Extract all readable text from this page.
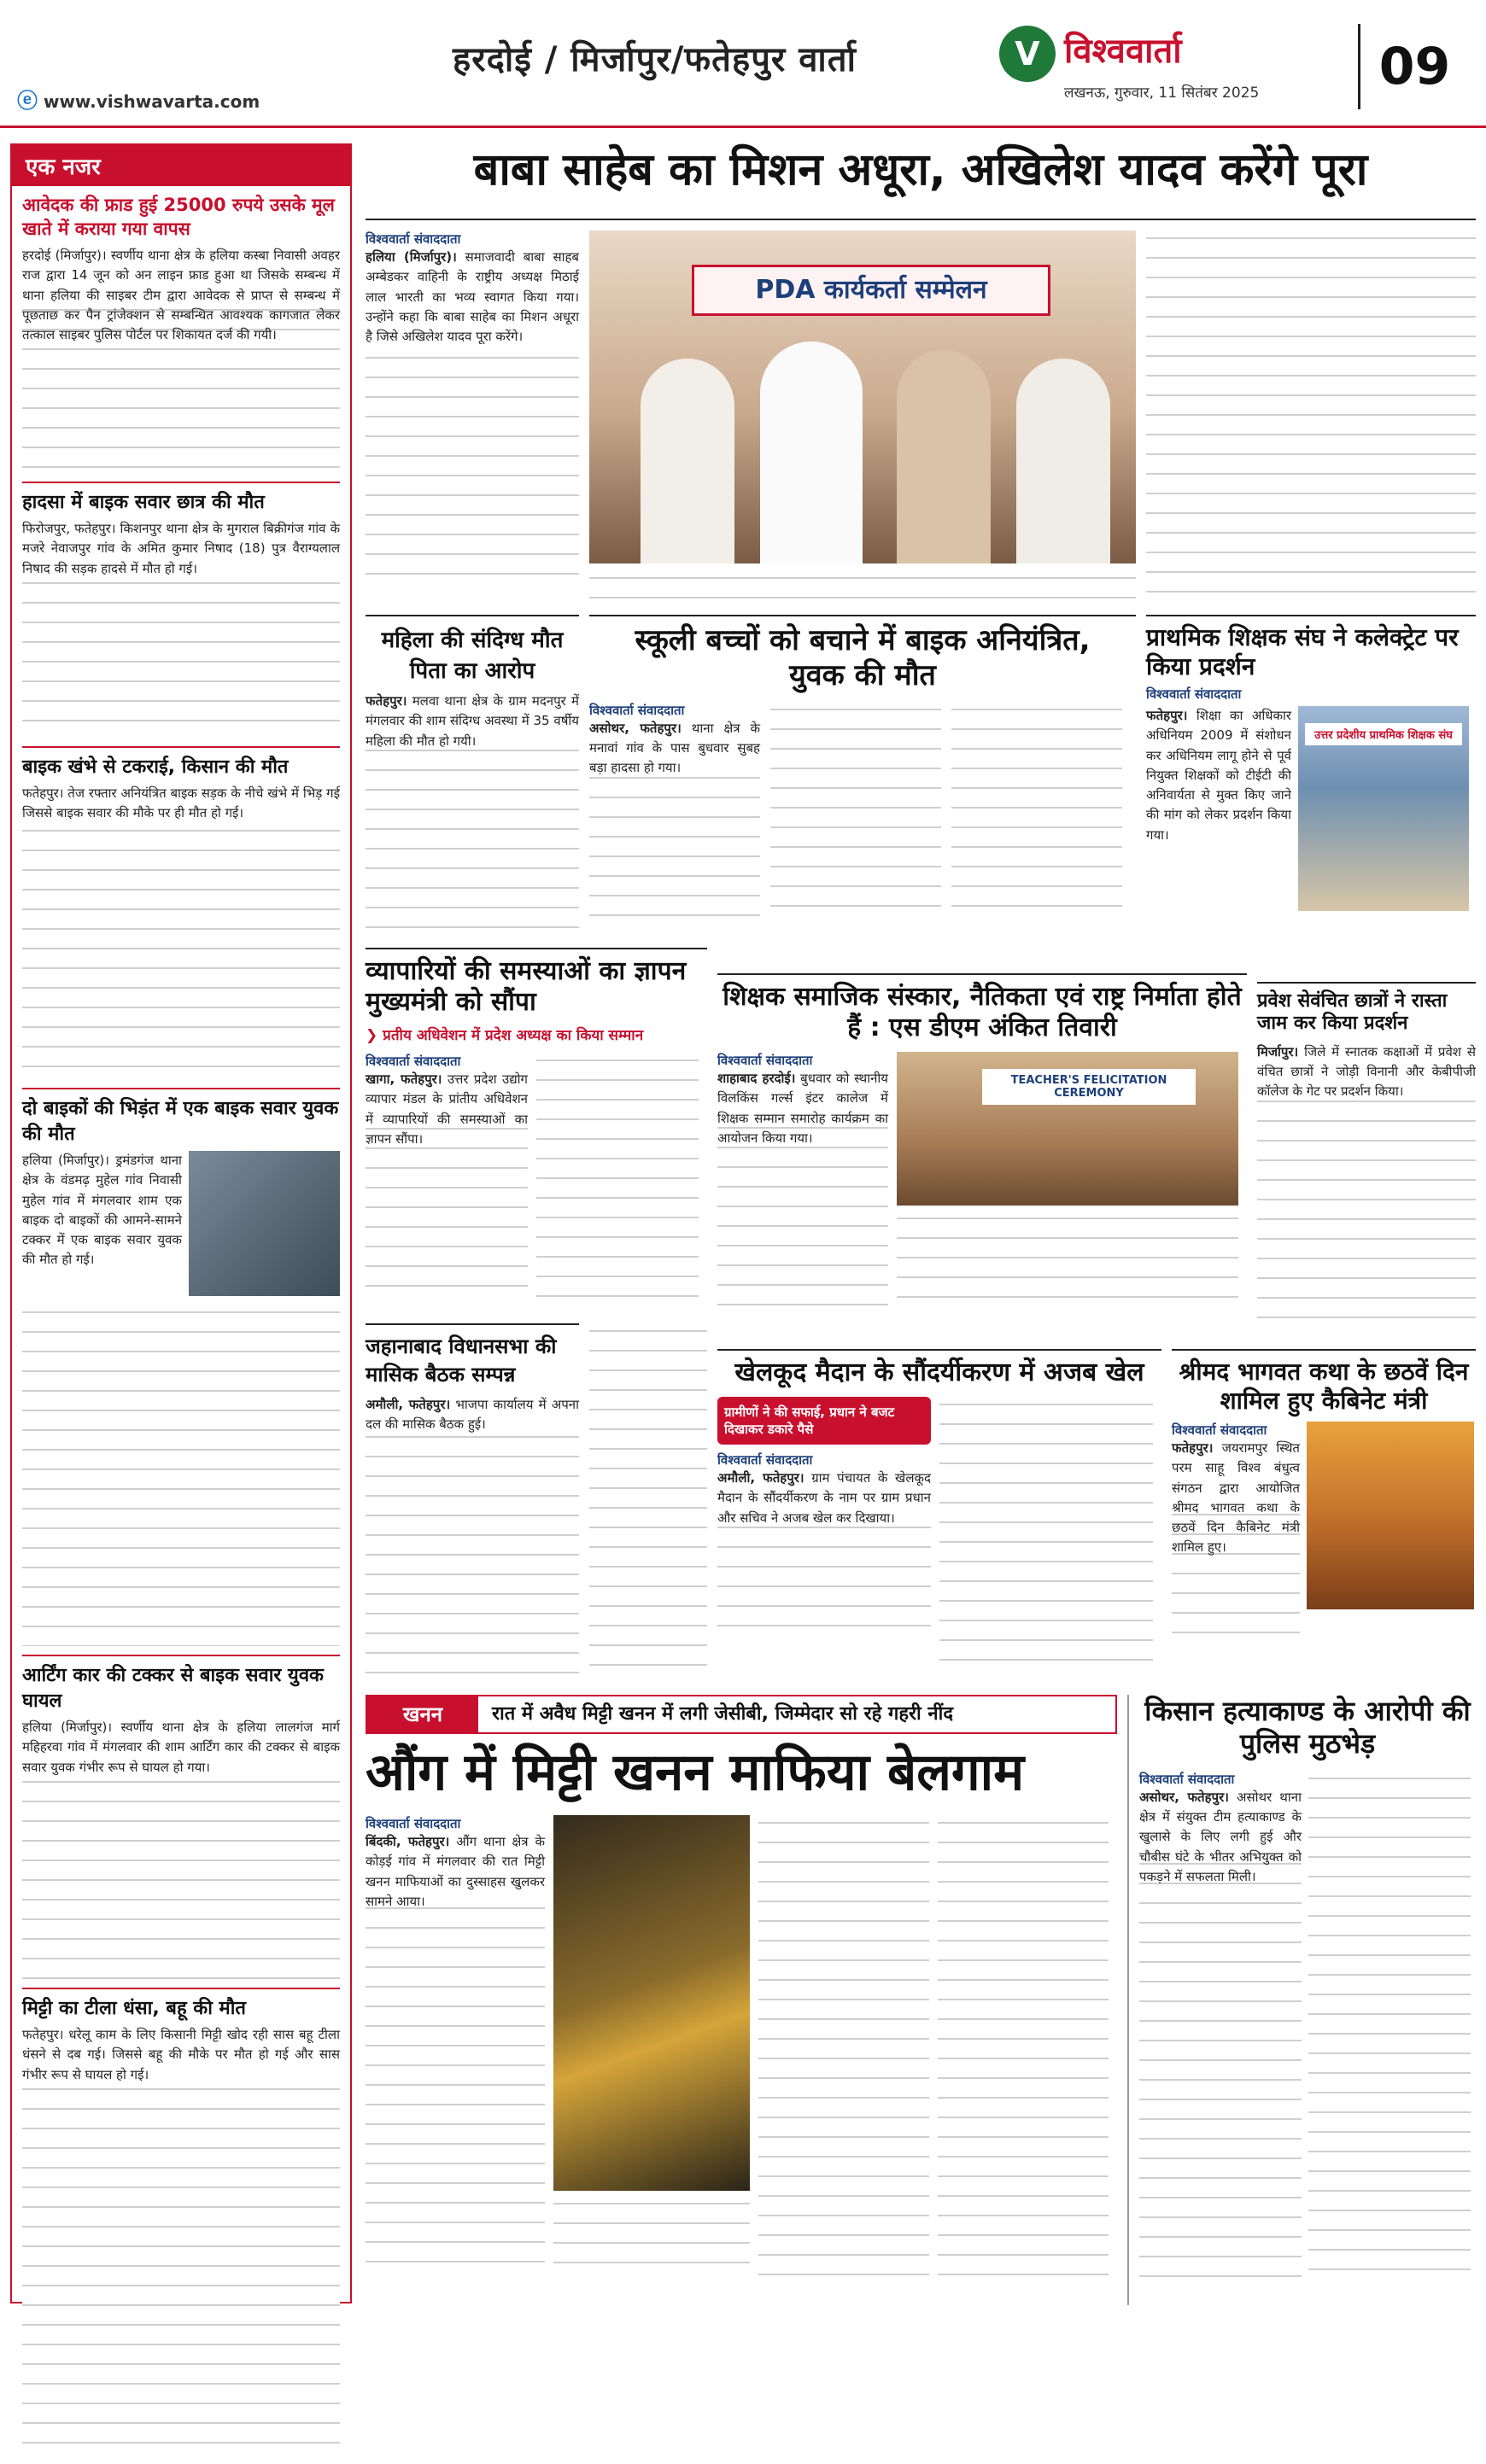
हरदोई / मिर्जापुर/फतेहपुर वार्ता
ⓔ www.vishwavarta.com
V विश्ववार्ता
लखनऊ, गुरुवार, 11 सितंबर 2025	09
एक नजर
आवेदक की फ्राड हुई 25000 रुपये उसके मूल खाते में कराया गया वापस
हरदोई (मिर्जापुर)। स्वर्णीय थाना क्षेत्र के हलिया कस्बा निवासी अवहर राज द्वारा 14 जून को अन लाइन फ्राड हुआ था जिसके सम्बन्ध में थाना हलिया की साइबर टीम द्वारा आवेदक से प्राप्त से सम्बन्ध में पूछताछ कर पैन ट्रांजेक्शन से सम्बन्धित आवश्यक कागजात लेकर तत्काल साइबर पुलिस पोर्टल पर शिकायत दर्ज की गयी।
हादसा में बाइक सवार छात्र की मौत
फिरोजपुर, फतेहपुर। किशनपुर थाना क्षेत्र के मुगराल बिक्रीगंज गांव के मजरे नेवाजपुर गांव के अमित कुमार निषाद (18) पुत्र वैराग्यलाल निषाद की सड़क हादसे में मौत हो गई।
बाइक खंभे से टकराई, किसान की मौत
फतेहपुर। तेज रफ्तार अनियंत्रित बाइक सड़क के नीचे खंभे में भिड़ गई जिससे बाइक सवार की मौके पर ही मौत हो गई।
दो बाइकों की भिड़ंत में एक बाइक सवार युवक की मौत
हलिया (मिर्जापुर)। ड्रमंडगंज थाना क्षेत्र के वंडमढ़ मुहेल गांव निवासी मुहेल गांव में मंगलवार शाम एक बाइक दो बाइकों की आमने-सामने टक्कर में एक बाइक सवार युवक की मौत हो गई।
आर्टिंग कार की टक्कर से बाइक सवार युवक घायल
हलिया (मिर्जापुर)। स्वर्णीय थाना क्षेत्र के हलिया लालगंज मार्ग महिहरवा गांव में मंगलवार की शाम आर्टिंग कार की टक्कर से बाइक सवार युवक गंभीर रूप से घायल हो गया।
मिट्टी का टीला धंसा, बहू की मौत
फतेहपुर। धरेलू काम के लिए किसानी मिट्टी खोद रही सास बहू टीला धंसने से दब गई। जिससे बहू की मौके पर मौत हो गई और सास गंभीर रूप से घायल हो गई।
बाबा साहेब का मिशन अधूरा, अखिलेश यादव करेंगे पूरा
विश्ववार्ता संवाददाता
हलिया (मिर्जापुर)। समाजवादी बाबा साहब अम्बेडकर वाहिनी के राष्ट्रीय अध्यक्ष मिठाई लाल भारती का भव्य स्वागत किया गया। उन्होंने कहा कि बाबा साहेब का मिशन अधूरा है जिसे अखिलेश यादव पूरा करेंगे।
PDA कार्यकर्ता सम्मेलन
महिला की संदिग्ध मौत पिता का आरोप
फतेहपुर। मलवा थाना क्षेत्र के ग्राम मदनपुर में मंगलवार की शाम संदिग्ध अवस्था में 35 वर्षीय महिला की मौत हो गयी।
स्कूली बच्चों को बचाने में बाइक अनियंत्रित, युवक की मौत
विश्ववार्ता संवाददाता
असोथर, फतेहपुर। थाना क्षेत्र के मनावां गांव के पास बुधवार सुबह बड़ा हादसा हो गया।
प्राथमिक शिक्षक संघ ने कलेक्ट्रेट पर किया प्रदर्शन
विश्ववार्ता संवाददाता
फतेहपुर। शिक्षा का अधिकार अधिनियम 2009 में संशोधन कर अधिनियम लागू होने से पूर्व नियुक्त शिक्षकों को टीईटी की अनिवार्यता से मुक्त किए जाने की मांग को लेकर प्रदर्शन किया गया।
उत्तर प्रदेशीय प्राथमिक शिक्षक संघ
व्यापारियों की समस्याओं का ज्ञापन मुख्यमंत्री को सौंपा
❯ प्रतीय अधिवेशन में प्रदेश अध्यक्ष का किया सम्मान
विश्ववार्ता संवाददाता
खागा, फतेहपुर। उत्तर प्रदेश उद्योग व्यापार मंडल के प्रांतीय अधिवेशन में व्यापारियों की समस्याओं का ज्ञापन सौंपा।
शिक्षक समाजिक संस्कार, नैतिकता एवं राष्ट्र निर्माता होते हैं : एस डीएम अंकित तिवारी
विश्ववार्ता संवाददाता
शाहाबाद हरदोई। बुधवार को स्थानीय विलकिंस गर्ल्स इंटर कालेज में शिक्षक सम्मान समारोह कार्यक्रम का आयोजन किया गया।
TEACHER'S FELICITATION CEREMONY
प्रवेश सेवंचित छात्रों ने रास्ता जाम कर किया प्रदर्शन
मिर्जापुर। जिले में स्नातक कक्षाओं में प्रवेश से वंचित छात्रों ने जोड़ी विनानी और केबीपीजी कॉलेज के गेट पर प्रदर्शन किया।
जहानाबाद विधानसभा की मासिक बैठक सम्पन्न
अमौली, फतेहपुर। भाजपा कार्यालय में अपना दल की मासिक बैठक हुई।
खेलकूद मैदान के सौंदर्यीकरण में अजब खेल
ग्रामीणों ने की सफाई, प्रधान ने बजट दिखाकर डकारे पैसे
विश्ववार्ता संवाददाता
अमौली, फतेहपुर। ग्राम पंचायत के खेलकूद मैदान के सौंदर्यीकरण के नाम पर ग्राम प्रधान और सचिव ने अजब खेल कर दिखाया।
श्रीमद भागवत कथा के छठवें दिन शामिल हुए कैबिनेट मंत्री
विश्ववार्ता संवाददाता
फतेहपुर। जयरामपुर स्थित परम साहू विश्व बंधुत्व संगठन द्वारा आयोजित श्रीमद भागवत कथा के छठवें दिन कैबिनेट मंत्री शामिल हुए।
खनन	रात में अवैध मिट्टी खनन में लगी जेसीबी, जिम्मेदार सो रहे गहरी नींद
औंग में मिट्टी खनन माफिया बेलगाम
विश्ववार्ता संवाददाता
बिंदकी, फतेहपुर। औंग थाना क्षेत्र के कोड़ई गांव में मंगलवार की रात मिट्टी खनन माफियाओं का दुस्साहस खुलकर सामने आया।
किसान हत्याकाण्ड के आरोपी की पुलिस मुठभेड़
विश्ववार्ता संवाददाता
असोथर, फतेहपुर। असोथर थाना क्षेत्र में संयुक्त टीम हत्याकाण्ड के खुलासे के लिए लगी हुई और चौबीस घंटे के भीतर अभियुक्त को पकड़ने में सफलता मिली।
